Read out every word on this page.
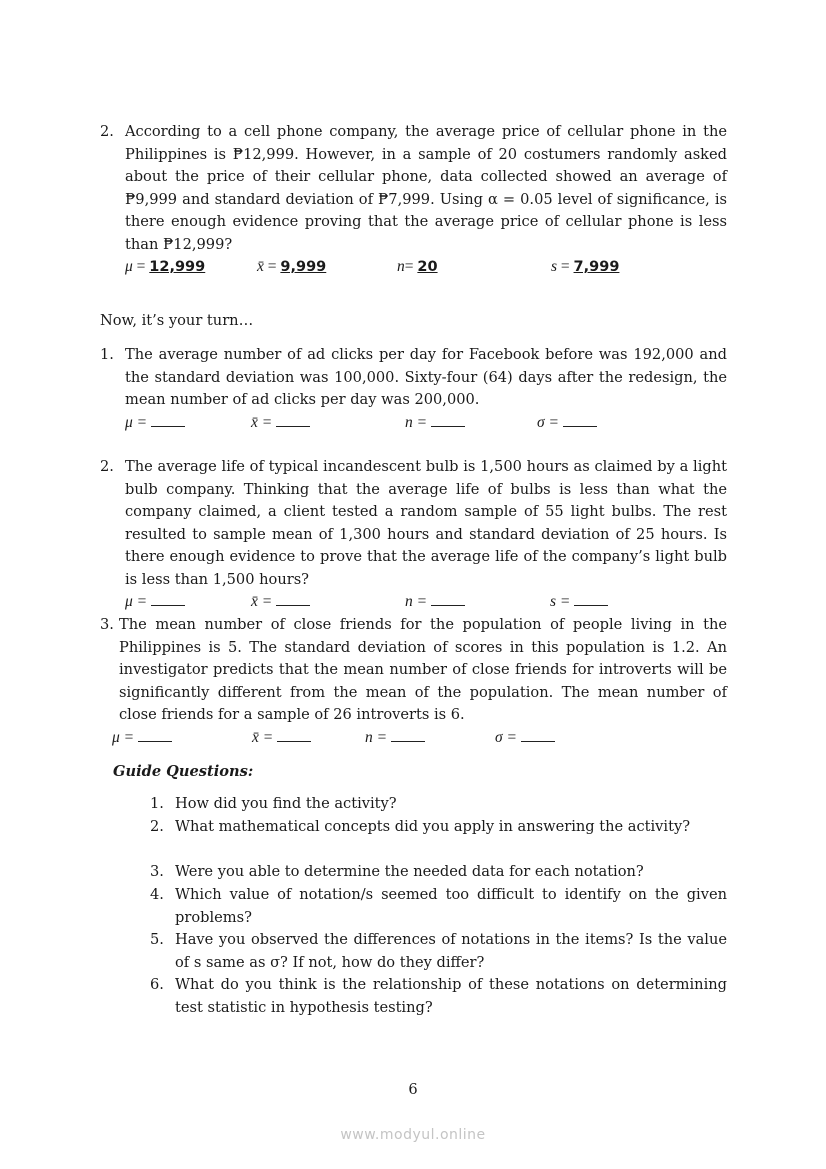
2. According to a cell phone company, the average price of cellular phone in the Philippines is ₱12,999. However, in a sample of 20 costumers randomly asked about the price of their cellular phone, data collected showed an average of ₱9,999 and standard deviation of ₱7,999. Using α = 0.05 level of significance, is there enough evidence proving that the average price of cellular phone is less than ₱12,999?
μ = 12,999	x̄ = 9,999	n= 20	s = 7,999
Now, it’s your turn…
1. The average number of ad clicks per day for Facebook before was 192,000 and the standard deviation was 100,000. Sixty-four (64) days after the redesign, the mean number of ad clicks per day was 200,000.
μ =	x̄ =	n =	σ =
2. The average life of typical incandescent bulb is 1,500 hours as claimed by a light bulb company. Thinking that the average life of bulbs is less than what the company claimed, a client tested a random sample of 55 light bulbs. The rest resulted to sample mean of 1,300 hours and standard deviation of 25 hours. Is there enough evidence to prove that the average life of the company’s light bulb is less than 1,500 hours?
μ =	x̄ =	n =	s =
3. The mean number of close friends for the population of people living in the Philippines is 5. The standard deviation of scores in this population is 1.2. An investigator predicts that the mean number of close friends for introverts will be significantly different from the mean of the population. The mean number of close friends for a sample of 26 introverts is 6.
μ =	x̄ =	n =	σ =
Guide Questions:
1. How did you find the activity?
2. What mathematical concepts did you apply in answering the activity?
3. Were you able to determine the needed data for each notation?
4. Which value of notation/s seemed too difficult to identify on the given problems?
5. Have you observed the differences of notations in the items? Is the value of s same as σ? If not, how do they differ?
6. What do you think is the relationship of these notations on determining test statistic in hypothesis testing?
6
www.modyul.online
